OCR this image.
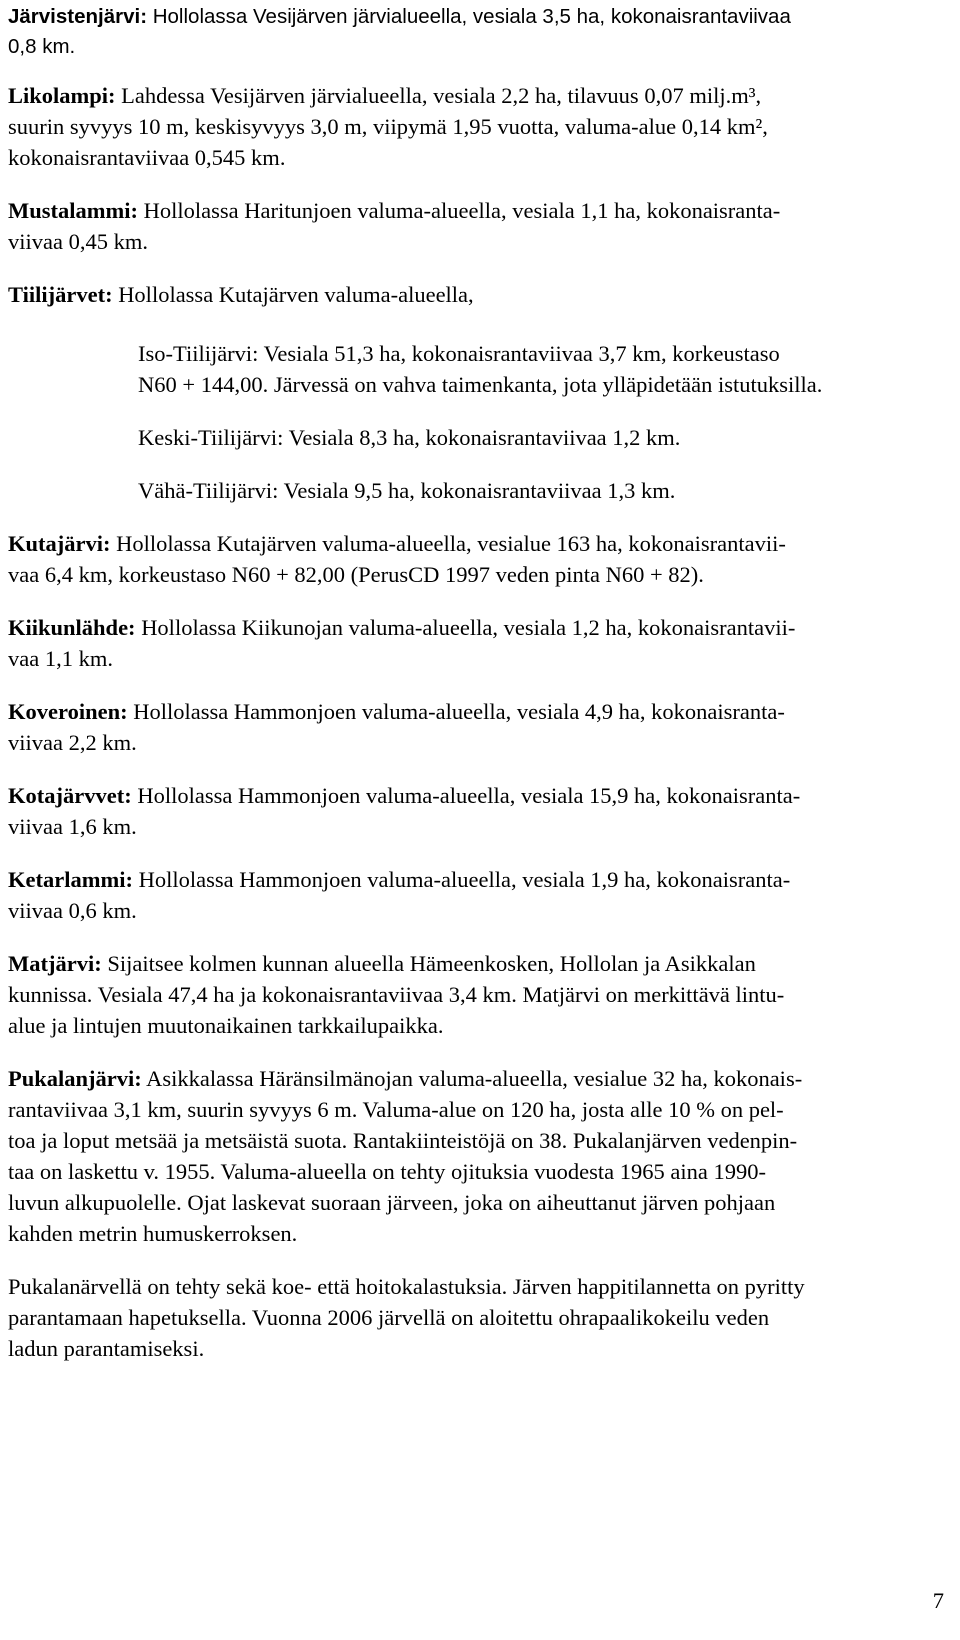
Järvistenjärvi: Hollolassa Vesijärven järvialueella, vesiala 3,5 ha, kokonaisrantaviivaa
0,8 km.

Likolampi: Lahdessa Vesijärven järvialueella, vesiala 2,2 ha, tilavuus 0,07 milj.m³,
suurin syvyys 10 m, keskisyvyys 3,0 m, viipymä 1,95 vuotta, valuma-alue 0,14 km²,
kokonaisrantaviivaa 0,545 km.

Mustalammi: Hollolassa Haritunjoen valuma-alueella, vesiala 1,1 ha, kokonaisranta-
viivaa 0,45 km.

Tiilijärvet: Hollolassa Kutajärven valuma-alueella,

Iso-Tiilijärvi: Vesiala 51,3 ha, kokonaisrantaviivaa 3,7 km, korkeustaso
N60 + 144,00. Järvessä on vahva taimenkanta, jota ylläpidetään istutuksilla.

Keski-Tiilijärvi: Vesiala 8,3 ha, kokonaisrantaviivaa 1,2 km.

Vähä-Tiilijärvi: Vesiala 9,5 ha, kokonaisrantaviivaa 1,3 km.

Kutajärvi: Hollolassa Kutajärven valuma-alueella, vesialue 163 ha, kokonaisrantavii-
vaa 6,4 km, korkeustaso N60 + 82,00 (PerusCD 1997 veden pinta N60 + 82).

Kiikunlähde: Hollolassa Kiikunojan valuma-alueella, vesiala 1,2 ha, kokonaisrantavii-
vaa 1,1 km.

Koveroinen: Hollolassa Hammonjoen valuma-alueella, vesiala 4,9 ha, kokonaisranta-
viivaa 2,2 km.

Kotajärvvet: Hollolassa Hammonjoen valuma-alueella, vesiala 15,9 ha, kokonaisranta-
viivaa 1,6 km.

Ketarlammi: Hollolassa Hammonjoen valuma-alueella, vesiala 1,9 ha, kokonaisranta-
viivaa 0,6 km.

Matjärvi: Sijaitsee kolmen kunnan alueella Hämeenkosken, Hollolan ja Asikkalan
kunnissa. Vesiala 47,4 ha ja kokonaisrantaviivaa 3,4 km. Matjärvi on merkittävä lintu-
alue ja lintujen muutonaikainen tarkkailupaikka.

Pukalanjärvi: Asikkalassa Häränsilmänojan valuma-alueella, vesialue 32 ha, kokonais-
rantaviivaa 3,1 km, suurin syvyys 6 m. Valuma-alue on 120 ha, josta alle 10 % on pel-
toa ja loput metsää ja metsäistä suota. Rantakiinteistöjä on 38. Pukalanjärven vedenpin-
taa on laskettu v. 1955. Valuma-alueella on tehty ojituksia vuodesta 1965 aina 1990-
luvun alkupuolelle. Ojat laskevat suoraan järveen, joka on aiheuttanut järven pohjaan
kahden metrin humuskerroksen.

Pukalanärvellä on tehty sekä koe- että hoitokalastuksia. Järven happitilannetta on pyritty
parantamaan hapetuksella. Vuonna 2006 järvellä on aloitettu ohrapaalikokeilu veden
ladun parantamiseksi.

7
